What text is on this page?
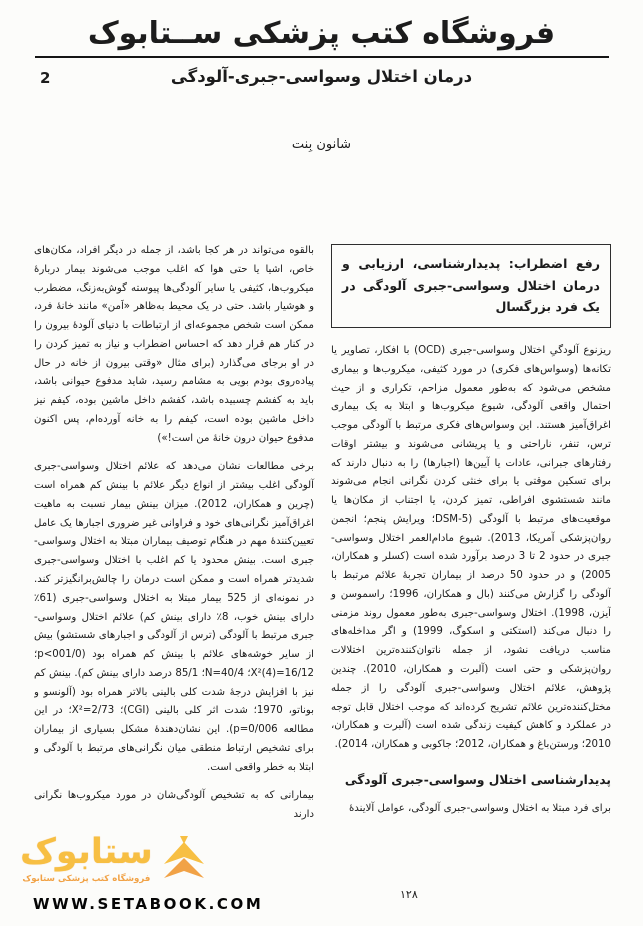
فروشگاه کتب پزشکی ســتابوک
2	درمان اختلال وسواسی-جبری-آلودگی
شانون بِنت
رفع اضطراب: پدیدارشناسی، ارزیابی و درمان اختلال وسواسی-جبری آلودگی در یک فرد بزرگسال

ریزنوع آلودگیِ اختلال وسواسی-جبری (OCD) با افکار، تصاویر یا تکانه‌ها (وسواس‌های فکری) در مورد کثیفی، میکروب‌ها و بیماری مشخص می‌شود که به‌طور معمول مزاحم، تکراری و از حیث احتمال واقعی آلودگی، شیوع میکروب‌ها و ابتلا به یک بیماری اغراق‌آمیز هستند. این وسواس‌های فکری مرتبط با آلودگی موجب ترس، تنفر، ناراحتی و یا پریشانی می‌شوند و بیشتر اوقات رفتارهای جبرانی، عادات یا آیین‌ها (اجبارها) را به دنبال دارند که برای تسکین موقتی یا برای خنثی کردن نگرانی انجام می‌شوند مانند شستشوی افراطی، تمیز کردن، یا اجتناب از مکان‌ها یا موقعیت‌های مرتبط با آلودگی (DSM-5؛ ویرایش پنجم؛ انجمن روان‌پزشکی آمریکا، 2013). شیوع مادام‌العمر اختلال وسواسی-جبری در حدود 2 تا 3 درصد برآورد شده است (کسلر و همکاران، 2005) و در حدود 50 درصد از بیماران تجربۀ علائم مرتبط با آلودگی را گزارش می‌کنند (بال و همکاران، 1996؛ راسموسن و آیزن، 1998). اختلال وسواسی-جبری به‌طور معمول روند مزمنی را دنبال می‌کند (استکتی و اسکوگ، 1999) و اگر مداخله‌های مناسب دریافت نشود، از جمله ناتوان‌کننده‌ترین اختلالات روان‌پزشکی و حتی است (آلبرت و همکاران، 2010). چندین پژوهش، علائم اختلال وسواسی-جبری آلودگی را از جمله مختل‌کننده‌ترین علائم تشریح کرده‌اند که موجب اختلال قابل توجه در عملکرد و کاهش کیفیت زندگی شده است (آلبرت و همکاران، 2010؛ ورستن‌باغ و همکاران، 2012؛ جاکوبی و همکاران، 2014).

پدیدارشناسی اختلال وسواسی-جبری آلودگی

برای فرد مبتلا به اختلال وسواسی-جبری آلودگی، عوامل آلایندۀ

بالقوه می‌تواند در هر کجا باشد، از جمله در دیگر افراد، مکان‌های خاص، اشیا یا حتی هوا که اغلب موجب می‌شوند بیمار دربارۀ میکروب‌ها، کثیفی یا سایر آلودگی‌ها پیوسته گوش‌به‌زنگ، مضطرب و هوشیار باشد. حتی در یک محیط به‌ظاهر «اَمن» مانند خانۀ فرد، ممکن است شخص مجموعه‌ای از ارتباطات با دنیای آلودۀ بیرون را در کنار هم قرار دهد که احساس اضطراب و نیاز به تمیز کردن را در او برجای می‌گذارد (برای مثال «وقتی بیرون از خانه در حال پیاده‌روی بودم بویی به مشامم رسید، شاید مدفوع حیوانی باشد، باید به کفشم چسبیده باشد، کفشم داخل ماشین بوده، کیفم نیز داخل ماشین بوده است، کیفم را به خانه آورده‌ام، پس اکنون مدفوع حیوان درون خانۀ من است!»)

برخی مطالعات نشان می‌دهد که علائم اختلال وسواسی-جبری آلودگی اغلب بیشتر از انواع دیگر علائم با بینش کم همراه است (چرین و همکاران، 2012). میزان بینش بیمار نسبت به ماهیت اغراق‌آمیز نگرانی‌های خود و فراوانی غیر ضروری اجبارها یک عامل تعیین‌کنندۀ مهم در هنگام توصیف بیماران مبتلا به اختلال وسواسی-جبری است. بینش محدود یا کم اغلب با اختلال وسواسی-جبری شدیدتر همراه است و ممکن است درمان را چالش‌برانگیزتر کند. در نمونه‌ای از 525 بیمار مبتلا به اختلال وسواسی-جبری (61٪ دارای بینش خوب، 8٪ دارای بینش کم) علائم اختلال وسواسی-جبری مرتبط با آلودگی (ترس از آلودگی و اجبارهای شستشو) بیش از سایر خوشه‌های علائم با بینش کم همراه بود (001/0>p؛ 16/12=(4)X²؛ 40/4=N؛ 85/1 درصد دارای بینش کم). بینش کم نیز با افزایش درجۀ شدت کلی بالینی بالاتر همراه بود (آلونسو و بوناتو، 1970؛ شدت اثر کلی بالینی (CGI)؛ 2/73=X²؛ در این مطالعه 0/006=p). این نشان‌دهندۀ مشکل بسیاری از بیماران برای تشخیص ارتباط منطقی میان نگرانی‌های مرتبط با آلودگی و ابتلا به خطر واقعی است.

بیمارانی که به تشخیص آلودگی‌شان در مورد میکروب‌ها نگرانی دارند

۱۲۸
ستابوک
فروشگاه کتب پزشکی ستابوک
WWW.SETABOOK.COM
